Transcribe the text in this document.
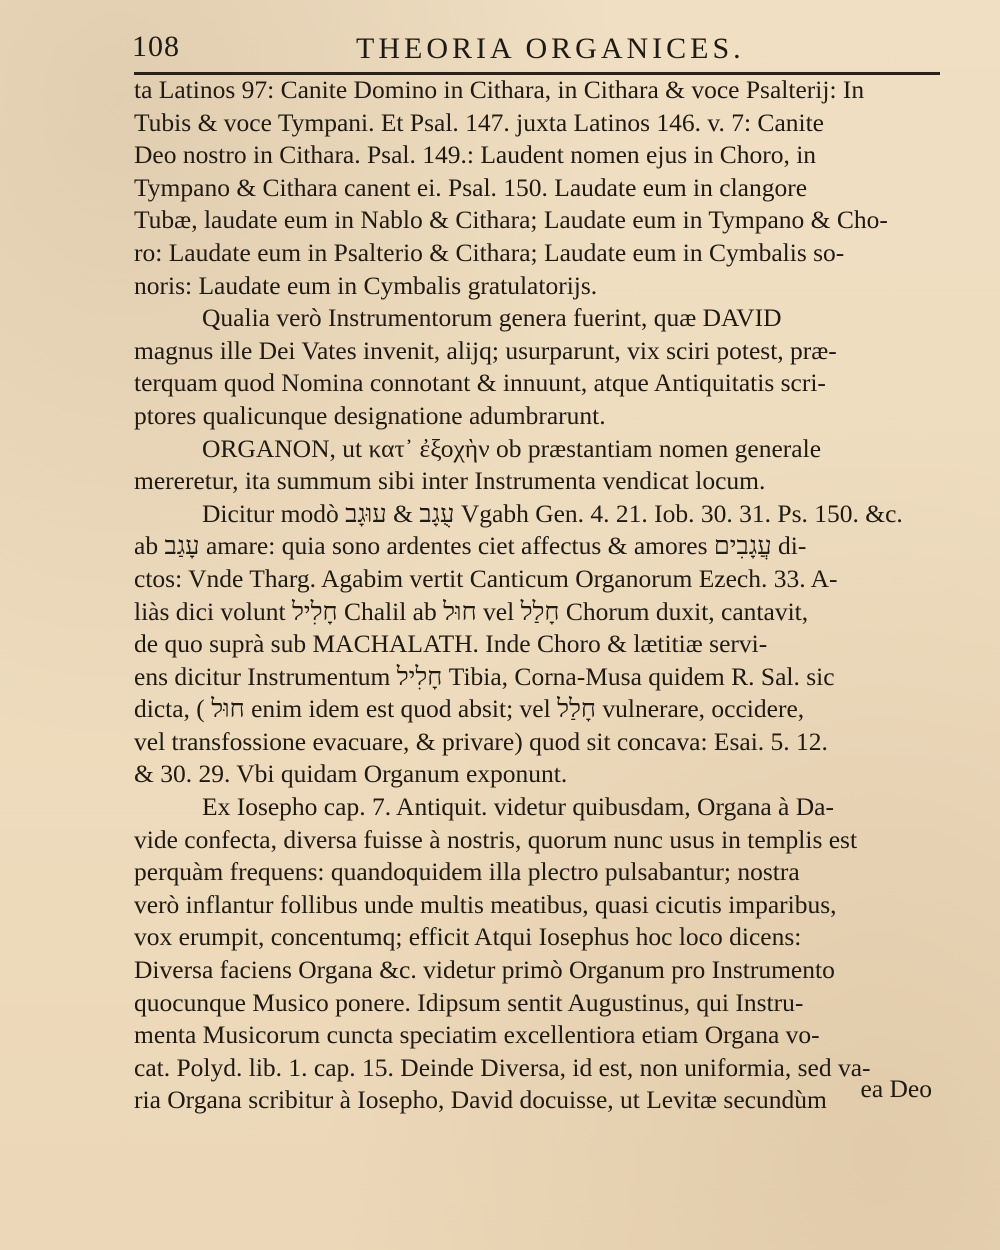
108	THEORIA ORGANICES.
ta Latinos 97: Canite Domino in Cithara, in Cithara & voce Psalterij: In
Tubis & voce Tympani. Et Psal. 147. juxta Latinos 146. v. 7: Canite
Deo nostro in Cithara. Psal. 149.: Laudent nomen ejus in Choro, in
Tympano & Cithara canent ei. Psal. 150. Laudate eum in clangore
Tubæ, laudate eum in Nablo & Cithara; Laudate eum in Tympano & Cho-
ro: Laudate eum in Psalterio & Cithara; Laudate eum in Cymbalis so-
noris: Laudate eum in Cymbalis gratulatorijs.
Qualia verò Instrumentorum genera fuerint, quæ DAVID
magnus ille Dei Vates invenit, alijq; usurparunt, vix sciri potest, præ-
terquam quod Nomina connotant & innuunt, atque Antiquitatis scri-
ptores qualicunque designatione adumbrarunt.
ORGANON, ut κατ᾽ ἐξοχὴν ob præstantiam nomen generale
mereretur, ita summum sibi inter Instrumenta vendicat locum.
Dicitur modò עֻגָב & עוּגָב Vgabh Gen. 4. 21. Iob. 30. 31. Ps. 150. &c.
ab עָגַב amare: quia sono ardentes ciet affectus & amores עֲגָבִים di-
ctos: Vnde Tharg. Agabim vertit Canticum Organorum Ezech. 33. A-
liàs dici volunt חָלִיל Chalil ab חוּל vel חָלַל Chorum duxit, cantavit,
de quo suprà sub MACHALATH. Inde Choro & lætitiæ servi-
ens dicitur Instrumentum חָלִיל Tibia, Corna-Musa quidem R. Sal. sic
dicta, ( חוּל enim idem est quod absit; vel חָלַל vulnerare, occidere,
vel transfossione evacuare, & privare) quod sit concava: Esai. 5. 12.
& 30. 29. Vbi quidam Organum exponunt.
Ex Iosepho cap. 7. Antiquit. videtur quibusdam, Organa à Da-
vide confecta, diversa fuisse à nostris, quorum nunc usus in templis est
perquàm frequens: quandoquidem illa plectro pulsabantur; nostra
verò inflantur follibus unde multis meatibus, quasi cicutis imparibus,
vox erumpit, concentumq; efficit Atqui Iosephus hoc loco dicens:
Diversa faciens Organa &c. videtur primò Organum pro Instrumento
quocunque Musico ponere. Idipsum sentit Augustinus, qui Instru-
menta Musicorum cuncta speciatim excellentiora etiam Organa vo-
cat. Polyd. lib. 1. cap. 15. Deinde Diversa, id est, non uniformia, sed va-
ria Organa scribitur à Iosepho, David docuisse, ut Levitæ secundùm	ea Deo
